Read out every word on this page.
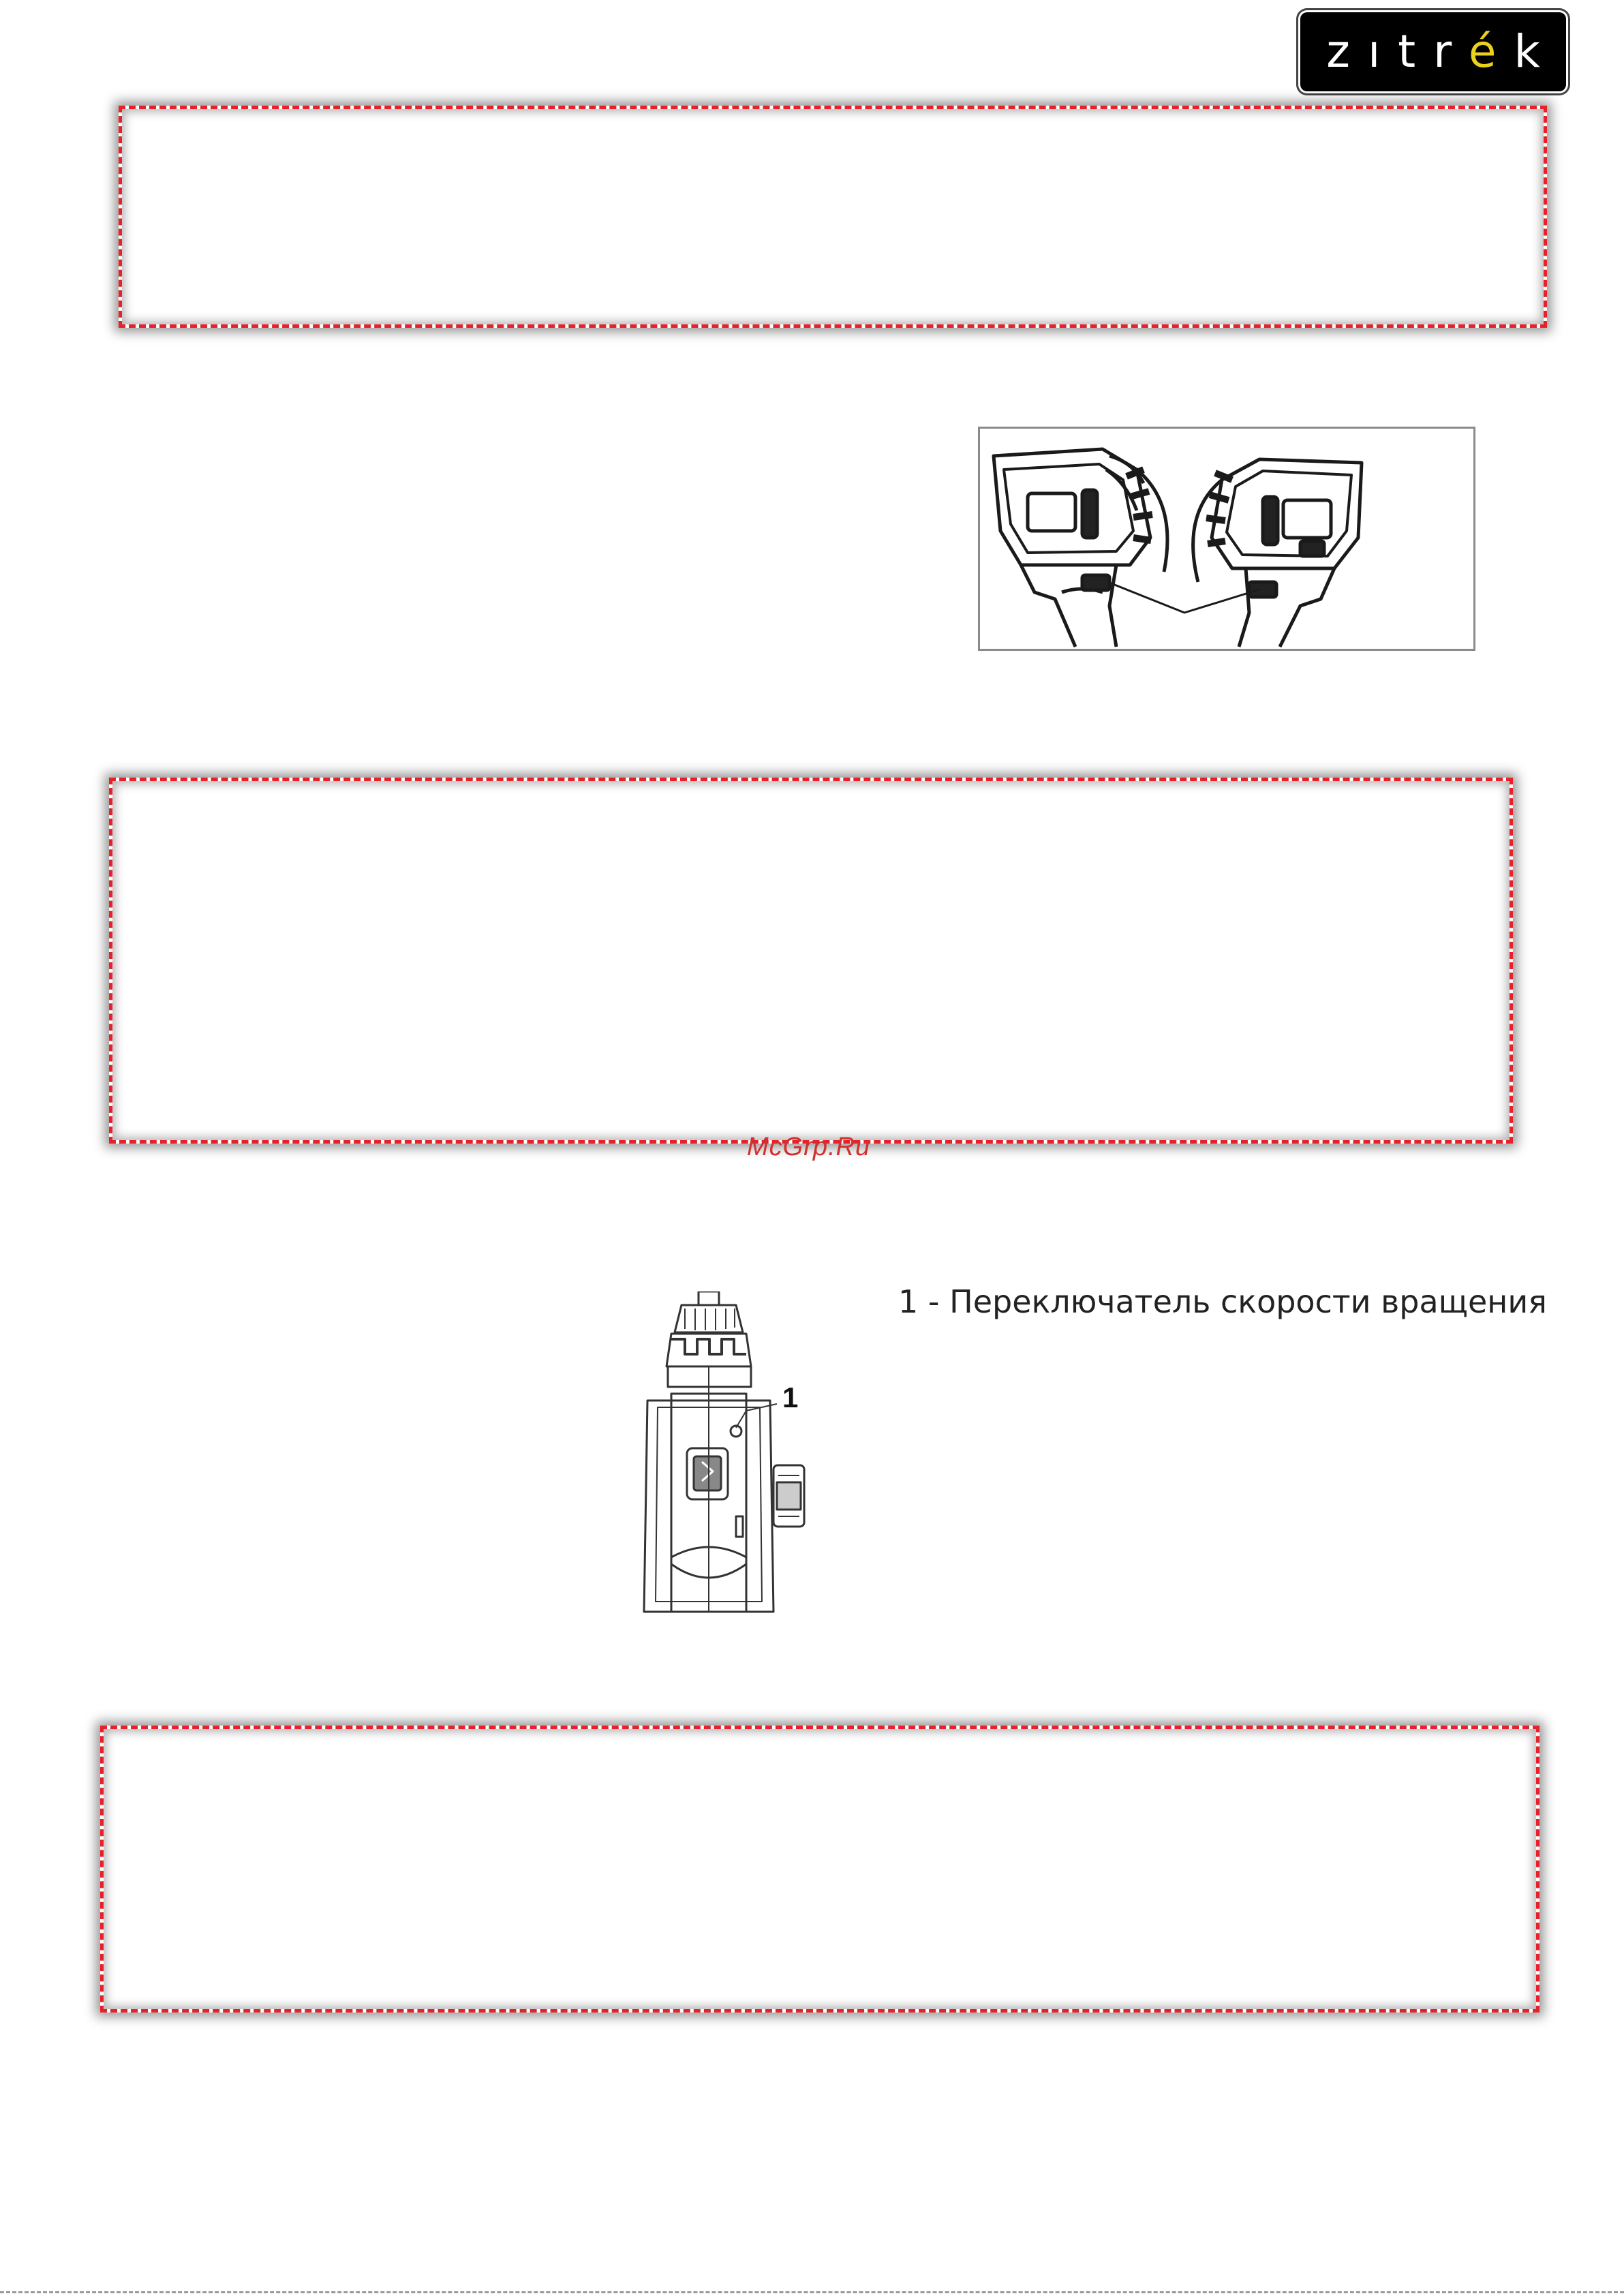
zıtrék
McGrp.Ru
1
1 - Переключатель скорости вращения
